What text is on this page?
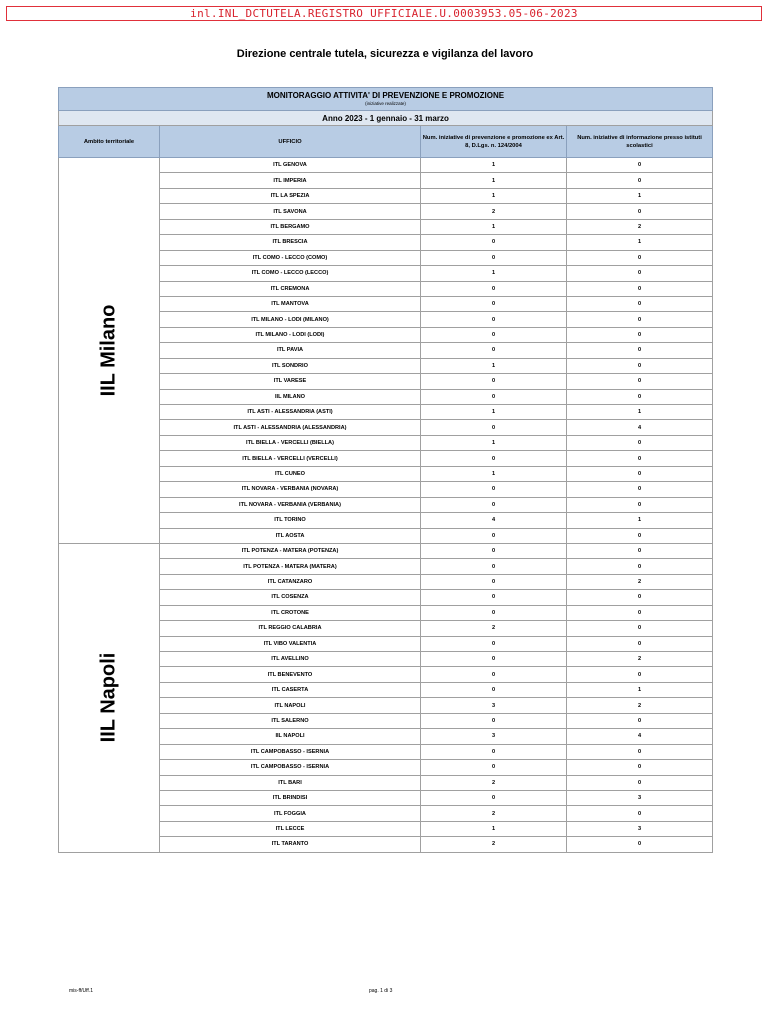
inl.INL_DCTUTELA.REGISTRO UFFICIALE.U.0003953.05-06-2023
Direzione centrale tutela, sicurezza e vigilanza del lavoro
MONITORAGGIO ATTIVITA' DI PREVENZIONE E PROMOZIONE
(iniziative realizzate)			

Anno 2023 - 1 gennaio - 31 marzo			
Ambito territoriale	UFFICIO	Num. iniziative di prevenzione e promozione ex Art. 8, D.Lgs. n. 124/2004	Num. iniziative di informazione presso istituti scolastici
IIL Milano	ITL GENOVA	1	0
	ITL IMPERIA	1	0
	ITL LA SPEZIA	1	1
	ITL SAVONA	2	0
	ITL BERGAMO	1	2
	ITL BRESCIA	0	1
	ITL COMO - LECCO (COMO)	0	0
	ITL COMO - LECCO (LECCO)	1	0
	ITL CREMONA	0	0
	ITL MANTOVA	0	0
	ITL MILANO - LODI (MILANO)	0	0
	ITL MILANO - LODI (LODI)	0	0
	ITL PAVIA	0	0
	ITL SONDRIO	1	0
	ITL VARESE	0	0
	IIL MILANO	0	0
	ITL ASTI - ALESSANDRIA (ASTI)	1	1
	ITL ASTI - ALESSANDRIA (ALESSANDRIA)	0	4
	ITL BIELLA - VERCELLI (BIELLA)	1	0
	ITL BIELLA - VERCELLI (VERCELLI)	0	0
	ITL CUNEO	1	0
	ITL NOVARA - VERBANIA (NOVARA)	0	0
	ITL NOVARA - VERBANIA (VERBANIA)	0	0
	ITL TORINO	4	1
	ITL AOSTA	0	0
IIL Napoli	ITL POTENZA - MATERA (POTENZA)	0	0
	ITL POTENZA - MATERA (MATERA)	0	0
	ITL CATANZARO	0	2
	ITL COSENZA	0	0
	ITL CROTONE	0	0
	ITL REGGIO CALABRIA	2	0
	ITL VIBO VALENTIA	0	0
	ITL AVELLINO	0	2
	ITL BENEVENTO	0	0
	ITL CASERTA	0	1
	ITL NAPOLI	3	2
	ITL SALERNO	0	0
	IIL NAPOLI	3	4
	ITL CAMPOBASSO - ISERNIA	0	0
	ITL CAMPOBASSO - ISERNIA	0	0
	ITL BARI	2	0
	ITL BRINDISI	0	3
	ITL FOGGIA	2	0
	ITL LECCE	1	3
	ITL TARANTO	2	0
mis-ff/Uff.1	pag. 1 di 3
